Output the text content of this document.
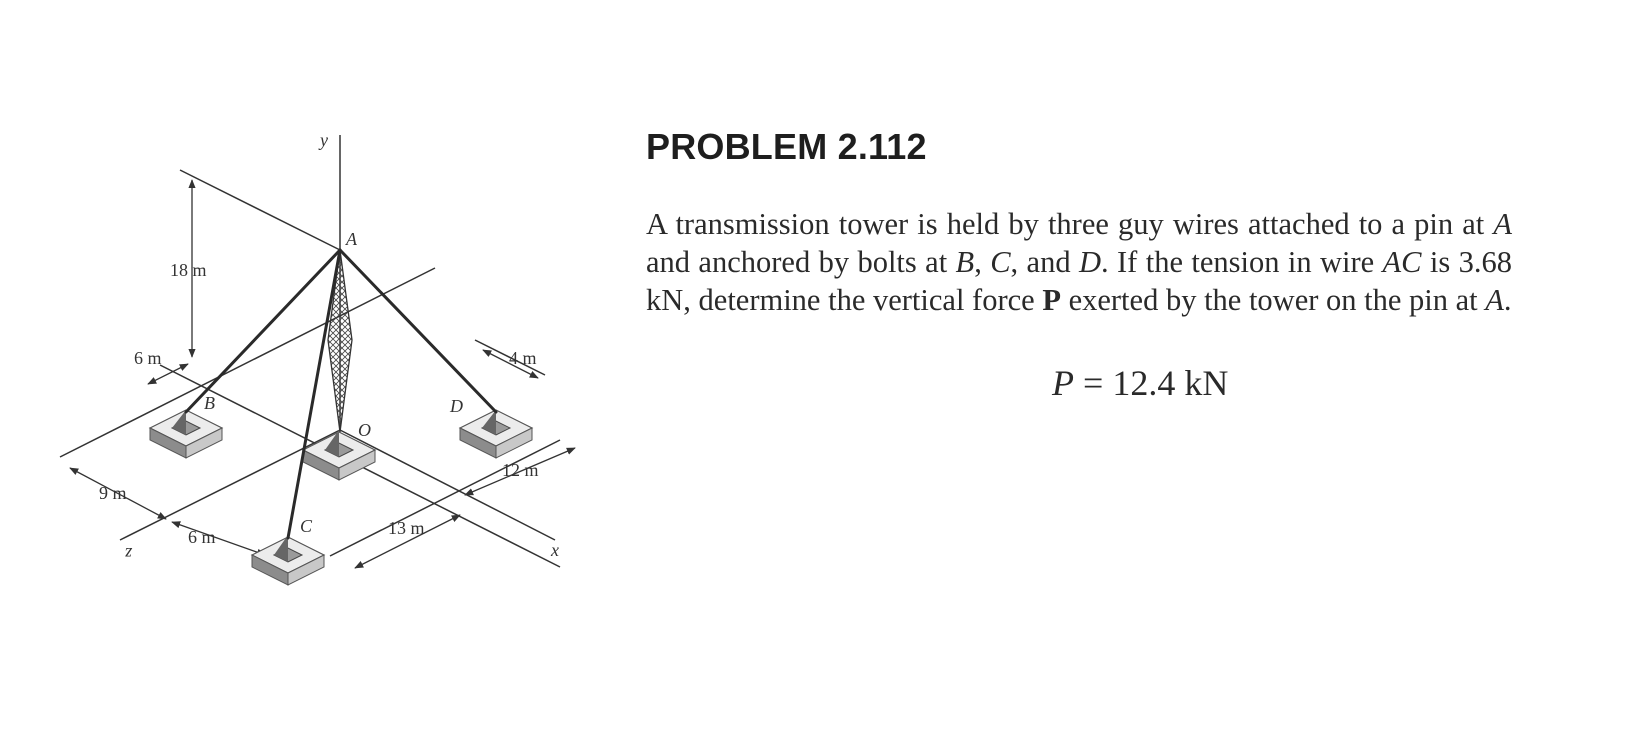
y
A
18 m
6 m
B
4 m
D
O
12 m
9 m
6 m
C	13 m
x
z
PROBLEM 2.112

A transmission tower is held by three guy wires attached to a pin at A and anchored by bolts at B, C, and D. If the tension in wire AC is 3.68 kN, determine the vertical force P exerted by the tower on the pin at A.

P = 12.4 kN
